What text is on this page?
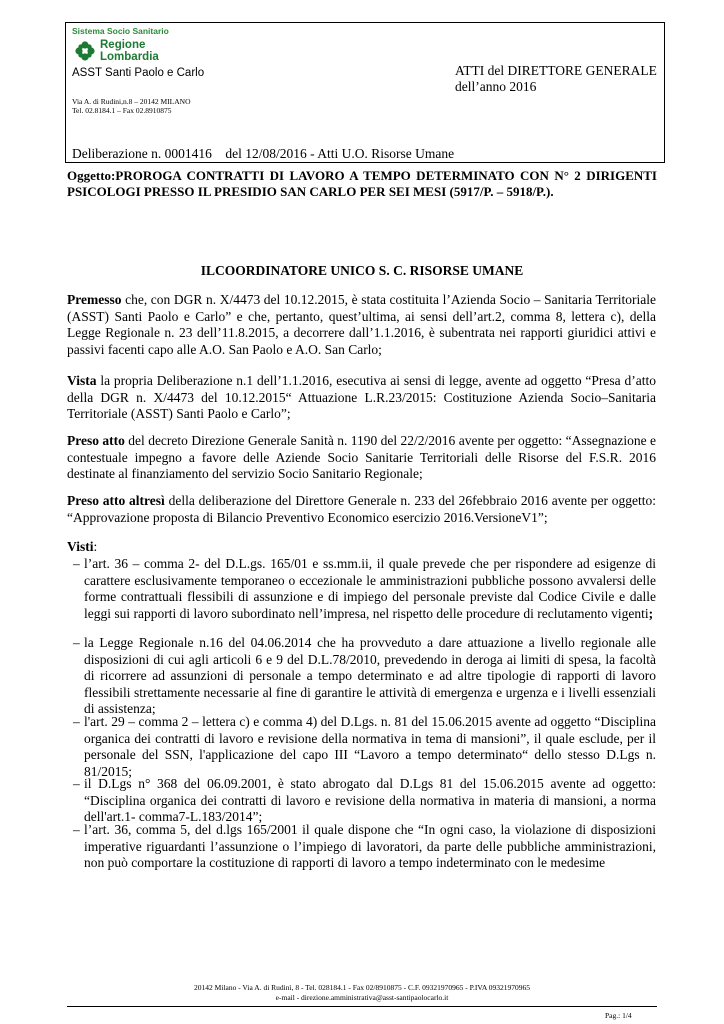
Sistema Socio Sanitario
Regione
Lombardia
ASST Santi Paolo e Carlo
Via A. di Rudini,n.8 – 20142 MILANO
Tel. 02.8184.1 – Fax 02.8910875
ATTI del DIRETTORE GENERALE
dell’anno 2016
Deliberazione n. 0001416    del 12/08/2016 - Atti U.O. Risorse Umane
Oggetto:PROROGA CONTRATTI DI LAVORO A TEMPO DETERMINATO CON N° 2 DIRIGENTI PSICOLOGI PRESSO IL PRESIDIO SAN CARLO PER SEI MESI (5917/P. – 5918/P.).
ILCOORDINATORE UNICO S. C. RISORSE UMANE
Premesso che, con DGR n. X/4473 del 10.12.2015, è stata costituita l’Azienda Socio – Sanitaria Territoriale (ASST) Santi Paolo e Carlo” e che, pertanto, quest’ultima, ai sensi dell’art.2, comma 8, lettera c), della Legge Regionale n. 23 dell’11.8.2015, a decorrere dall’1.1.2016, è subentrata nei rapporti giuridici attivi e passivi facenti capo alle A.O. San Paolo e A.O. San Carlo;
Vista la propria Deliberazione n.1 dell’1.1.2016, esecutiva ai sensi di legge, avente ad oggetto “Presa d’atto della DGR n. X/4473 del 10.12.2015“ Attuazione L.R.23/2015: Costituzione Azienda Socio–Sanitaria Territoriale (ASST) Santi Paolo e Carlo”;
Preso atto del decreto Direzione Generale Sanità n. 1190 del 22/2/2016 avente per oggetto: “Assegnazione e contestuale impegno a favore delle Aziende Socio Sanitarie Territoriali delle Risorse del F.S.R. 2016 destinate al finanziamento del servizio Socio Sanitario Regionale;
Preso atto altresì della deliberazione del Direttore Generale n. 233 del 26febbraio 2016 avente per oggetto: “Approvazione proposta di Bilancio Preventivo Economico esercizio 2016.VersioneV1”;
Visti:
– l’art. 36 – comma 2- del D.L.gs. 165/01 e ss.mm.ii, il quale prevede che per rispondere ad esigenze di carattere esclusivamente temporaneo o eccezionale le amministrazioni pubbliche possono avvalersi delle forme contrattuali flessibili di assunzione e di impiego del personale previste dal Codice Civile e dalle leggi sui rapporti di lavoro subordinato nell’impresa, nel rispetto delle procedure di reclutamento vigenti;
– la Legge Regionale n.16 del 04.06.2014 che ha provveduto a dare attuazione a livello regionale alle disposizioni di cui agli articoli 6 e 9 del D.L.78/2010, prevedendo in deroga ai limiti di spesa, la facoltà di ricorrere ad assunzioni di personale a tempo determinato e ad altre tipologie di rapporti di lavoro flessibili strettamente necessarie al fine di garantire le attività di emergenza e urgenza e i livelli essenziali di assistenza;
– l'art. 29 – comma 2 – lettera c) e comma 4) del D.Lgs. n. 81 del 15.06.2015 avente ad oggetto “Disciplina organica dei contratti di lavoro e revisione della normativa in tema di mansioni”, il quale esclude, per il personale del SSN, l'applicazione del capo III “Lavoro a tempo determinato“ dello stesso D.Lgs n. 81/2015;
– il D.Lgs n° 368 del 06.09.2001, è stato abrogato dal D.Lgs 81 del 15.06.2015 avente ad oggetto: “Disciplina organica dei contratti di lavoro e revisione della normativa in materia di mansioni, a norma dell'art.1- comma7-L.183/2014”;
– l’art. 36, comma 5, del d.lgs 165/2001 il quale dispone che “In ogni caso, la violazione di disposizioni imperative riguardanti l’assunzione o l’impiego di lavoratori, da parte delle pubbliche amministrazioni, non può comportare la costituzione di rapporti di lavoro a tempo indeterminato con le medesime
20142 Milano - Via A. di Rudinì, 8 - Tel. 028184.1 - Fax 02/8910875 - C.F. 09321970965 - P.IVA 09321970965
e-mail - direzione.amministrativa@asst-santipaolocarlo.it
Pag.: 1/4
